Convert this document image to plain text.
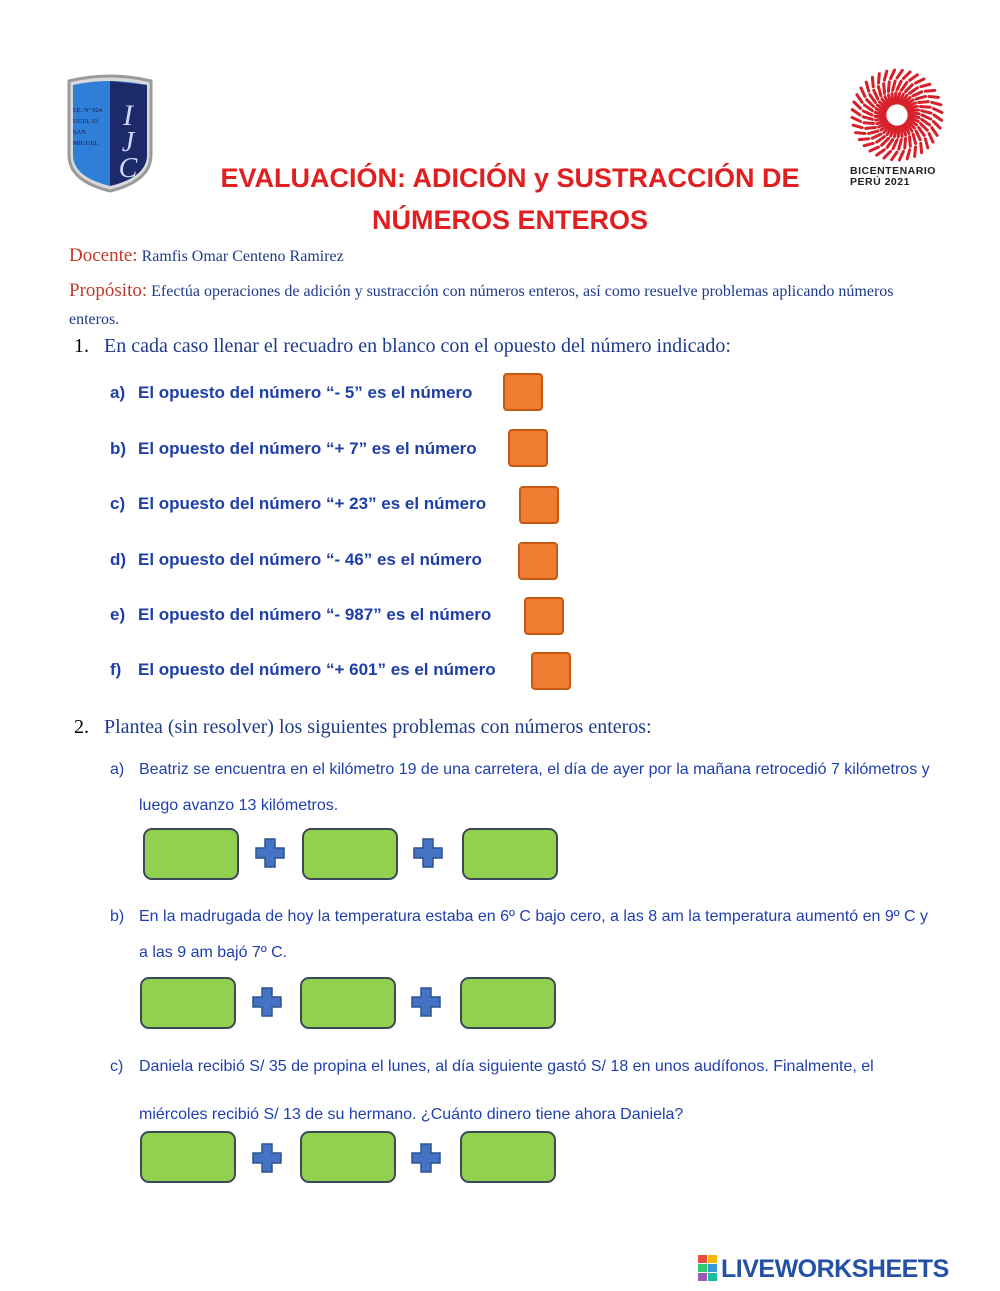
I
J
C
I.E. Nº 024
UGEL 03
SAN
MIGUEL
BICENTENARIO
PERÚ 2021
EVALUACIÓN: ADICIÓN y SUSTRACCIÓN DE
NÚMEROS ENTEROS
Docente: Ramfis Omar Centeno Ramirez
Propósito: Efectúa operaciones de adición y sustracción con números enteros, así como resuelve problemas aplicando números enteros.
1. En cada caso llenar el recuadro en blanco con el opuesto del número indicado:
a) El opuesto del número “- 5” es el número
b) El opuesto del número “+ 7” es el número
c) El opuesto del número “+ 23” es el número
d) El opuesto del número “- 46” es el número
e) El opuesto del número “- 987” es el número
f) El opuesto del número “+ 601” es el número
2. Plantea (sin resolver) los siguientes problemas con números enteros:
a) Beatriz se encuentra en el kilómetro 19 de una carretera, el día de ayer por la mañana retrocedió 7 kilómetros y luego avanzo 13 kilómetros.
b) En la madrugada de hoy la temperatura estaba en 6º C bajo cero, a las 8 am la temperatura aumentó en 9º C y a las 9 am bajó 7º C.
c) Daniela recibió S/ 35 de propina el lunes, al día siguiente gastó S/ 18 en unos audífonos. Finalmente, el miércoles recibió S/ 13 de su hermano. ¿Cuánto dinero tiene ahora Daniela?
LIVEWORKSHEETS
